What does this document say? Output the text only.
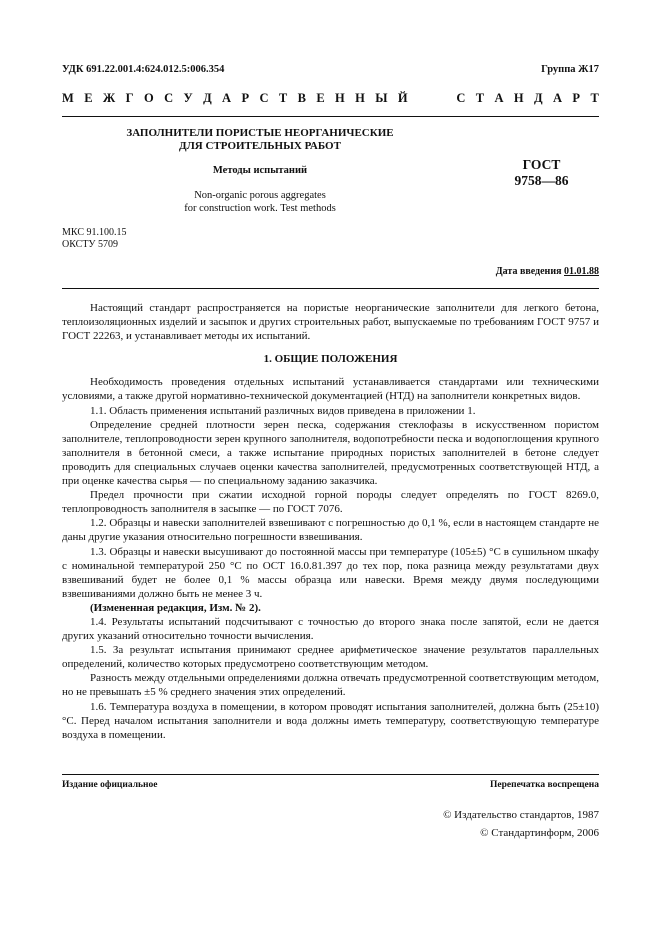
УДК 691.22.001.4:624.012.5:006.354	Группа Ж17
М Е Ж Г О С У Д А Р С Т В Е Н Н Ы Й	С Т А Н Д А Р Т
ЗАПОЛНИТЕЛИ ПОРИСТЫЕ НЕОРГАНИЧЕСКИЕ
ДЛЯ СТРОИТЕЛЬНЫХ РАБОТ
Методы испытаний
Non-organic porous aggregates
for construction work. Test methods
ГОСТ
9758—86
МКС 91.100.15
ОКСТУ 5709
Дата введения 01.01.88

Настоящий стандарт распространяется на пористые неорганические заполнители для легкого бетона, теплоизоляционных изделий и засыпок и других строительных работ, выпускаемые по требованиям ГОСТ 9757 и ГОСТ 22263, и устанавливает методы их испытаний.

1. ОБЩИЕ ПОЛОЖЕНИЯ

Необходимость проведения отдельных испытаний устанавливается стандартами или техническими условиями, а также другой нормативно-технической документацией (НТД) на заполнители конкретных видов.

1.1. Область применения испытаний различных видов приведена в приложении 1.

Определение средней плотности зерен песка, содержания стеклофазы в искусственном пористом заполнителе, теплопроводности зерен крупного заполнителя, водопотребности песка и водопоглощения крупного заполнителя в бетонной смеси, а также испытание природных пористых заполнителей в бетоне следует проводить для специальных случаев оценки качества заполнителей, предусмотренных соответствующей НТД, а при оценке качества сырья — по специальному заданию заказчика.

Предел прочности при сжатии исходной горной породы следует определять по ГОСТ 8269.0, теплопроводность заполнителя в засыпке — по ГОСТ 7076.

1.2. Образцы и навески заполнителей взвешивают с погрешностью до 0,1 %, если в настоящем стандарте не даны другие указания относительно погрешности взвешивания.

1.3. Образцы и навески высушивают до постоянной массы при температуре (105±5) °С в сушильном шкафу с номинальной температурой 250 °С по ОСТ 16.0.81.397 до тех пор, пока разница между результатами двух взвешиваний будет не более 0,1 % массы образца или навески. Время между двумя последующими взвешиваниями должно быть не менее 3 ч.

(Измененная редакция, Изм. № 2).

1.4. Результаты испытаний подсчитывают с точностью до второго знака после запятой, если не дается других указаний относительно точности вычисления.

1.5. За результат испытания принимают среднее арифметическое значение результатов параллельных определений, количество которых предусмотрено соответствующим методом.

Разность между отдельными определениями должна отвечать предусмотренной соответствующим методом, но не превышать ±5 % среднего значения этих определений.

1.6. Температура воздуха в помещении, в котором проводят испытания заполнителей, должна быть (25±10) °С. Перед началом испытания заполнители и вода должны иметь температуру, соответствующую температуре воздуха в помещении.

Издание официальное	Перепечатка воспрещена
© Издательство стандартов, 1987
© Стандартинформ, 2006
